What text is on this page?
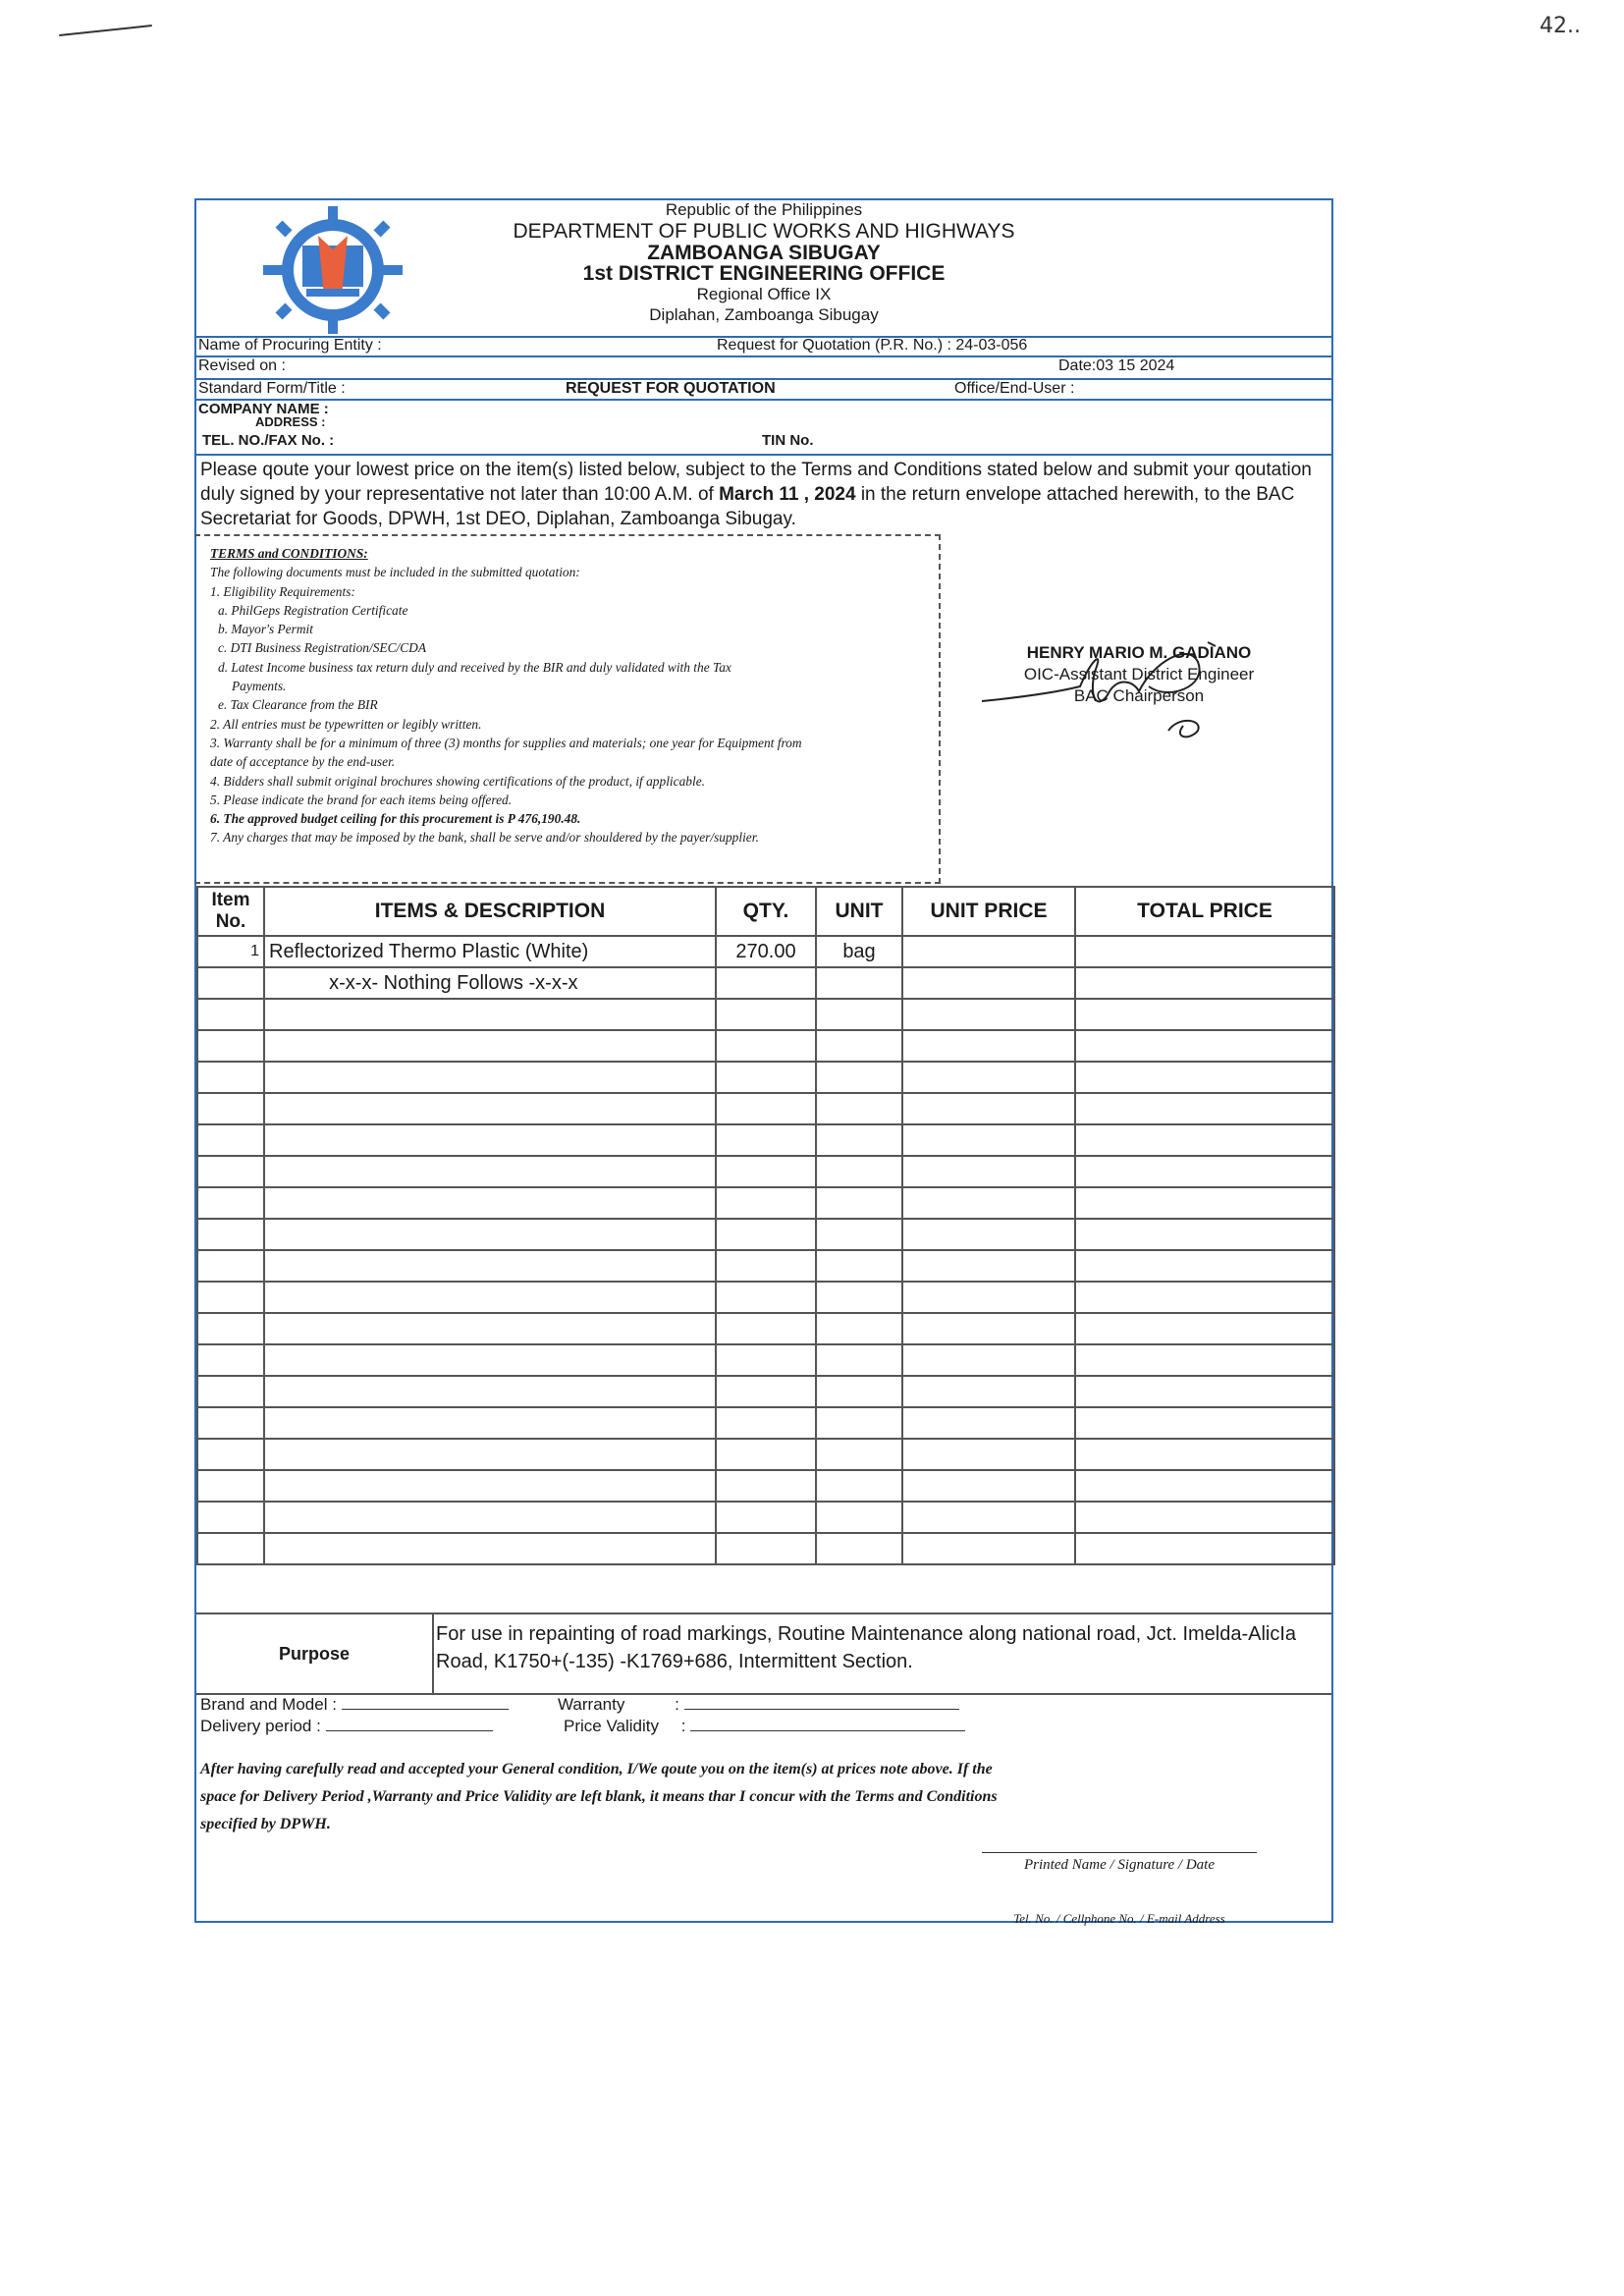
42..
Republic of the Philippines
DEPARTMENT OF PUBLIC WORKS AND HIGHWAYS
ZAMBOANGA SIBUGAY
1st DISTRICT ENGINEERING OFFICE
Regional Office IX
Diplahan, Zamboanga Sibugay
Name of Procuring Entity :	Request for Quotation (P.R. No.) : 24-03-056
Revised on :	Date:03 15 2024
Standard Form/Title :	REQUEST FOR QUOTATION	Office/End-User :
COMPANY NAME :
ADDRESS :
TEL. NO./FAX No. :	TIN No.
Please qoute your lowest price on the item(s) listed below, subject to the Terms and Conditions stated below and submit your qoutation duly signed by your representative not later than 10:00 A.M. of March 11 , 2024 in the return envelope attached herewith, to the BAC Secretariat for Goods, DPWH, 1st DEO, Diplahan, Zamboanga Sibugay.
TERMS and CONDITIONS:
The following documents must be included in the submitted quotation:
1. Eligibility Requirements:
a. PhilGeps Registration Certificate
b. Mayor's Permit
c. DTI Business Registration/SEC/CDA
d. Latest Income business tax return duly and received by the BIR and duly validated with the Tax
Payments.
e. Tax Clearance from the BIR
2. All entries must be typewritten or legibly written.
3. Warranty shall be for a minimum of three (3) months for supplies and materials; one year for Equipment from
date of acceptance by the end-user.
4. Bidders shall submit original brochures showing certifications of the product, if applicable.
5. Please indicate the brand for each items being offered.
6. The approved budget ceiling for this procurement is P 476,190.48.
7. Any charges that may be imposed by the bank, shall be serve and/or shouldered by the payer/supplier.
HENRY MARIO M. GADIANO
OIC-Assistant District Engineer
BAC Chairperson
Item
No.	ITEMS & DESCRIPTION	QTY.	UNIT	UNIT PRICE	TOTAL PRICE
1	Reflectorized Thermo Plastic (White)	270.00	bag		
	x-x-x- Nothing Follows -x-x-x				

Purpose
For use in repainting of road markings, Routine Maintenance along national road, Jct. Imelda-AlicIa Road, K1750+(-135) -K1769+686, Intermittent Section.
Brand and Model :	Warranty	:
Delivery period :	Price Validity :
After having carefully read and accepted your General condition, I/We qoute you on the item(s) at prices note above. If the space for Delivery Period ,Warranty and Price Validity are left blank, it means thar I concur with the Terms and Conditions specified by DPWH.
Printed Name / Signature / Date
Tel. No. / Cellphone No. / E-mail Address
